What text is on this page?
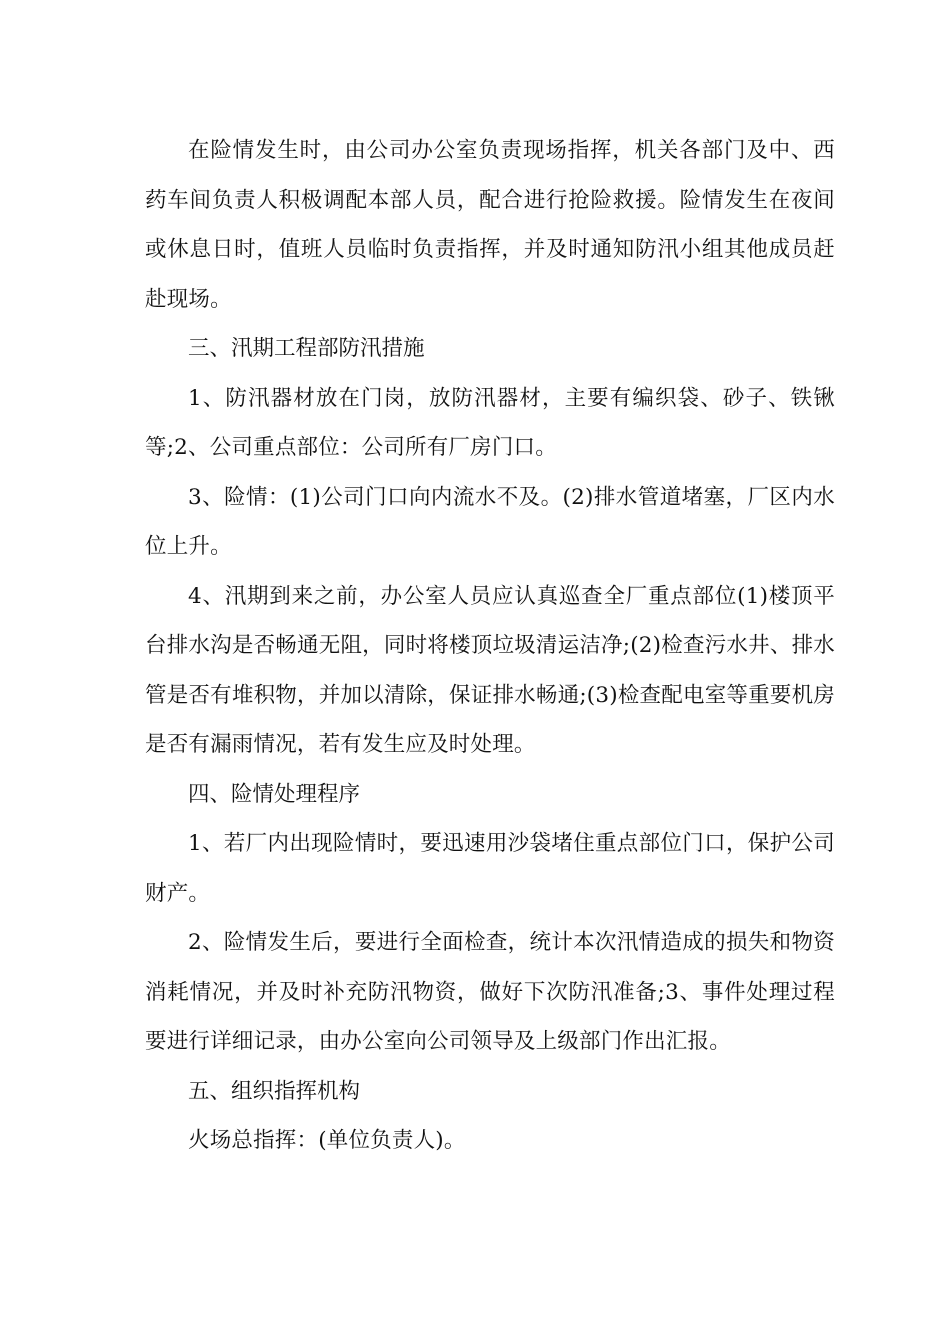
在险情发生时，由公司办公室负责现场指挥，机关各部门及中、西药车间负责人积极调配本部人员，配合进行抢险救援。险情发生在夜间或休息日时，值班人员临时负责指挥，并及时通知防汛小组其他成员赶赴现场。

三、汛期工程部防汛措施

1、防汛器材放在门岗，放防汛器材，主要有编织袋、砂子、铁锹等;2、公司重点部位：公司所有厂房门口。

3、险情：(1)公司门口向内流水不及。(2)排水管道堵塞，厂区内水位上升。

4、汛期到来之前，办公室人员应认真巡查全厂重点部位(1)楼顶平台排水沟是否畅通无阻，同时将楼顶垃圾清运洁净;(2)检查污水井、排水管是否有堆积物，并加以清除，保证排水畅通;(3)检查配电室等重要机房是否有漏雨情况，若有发生应及时处理。

四、险情处理程序

1、若厂内出现险情时，要迅速用沙袋堵住重点部位门口，保护公司财产。

2、险情发生后，要进行全面检查，统计本次汛情造成的损失和物资消耗情况，并及时补充防汛物资，做好下次防汛准备;3、事件处理过程要进行详细记录，由办公室向公司领导及上级部门作出汇报。

五、组织指挥机构

火场总指挥：(单位负责人)。
